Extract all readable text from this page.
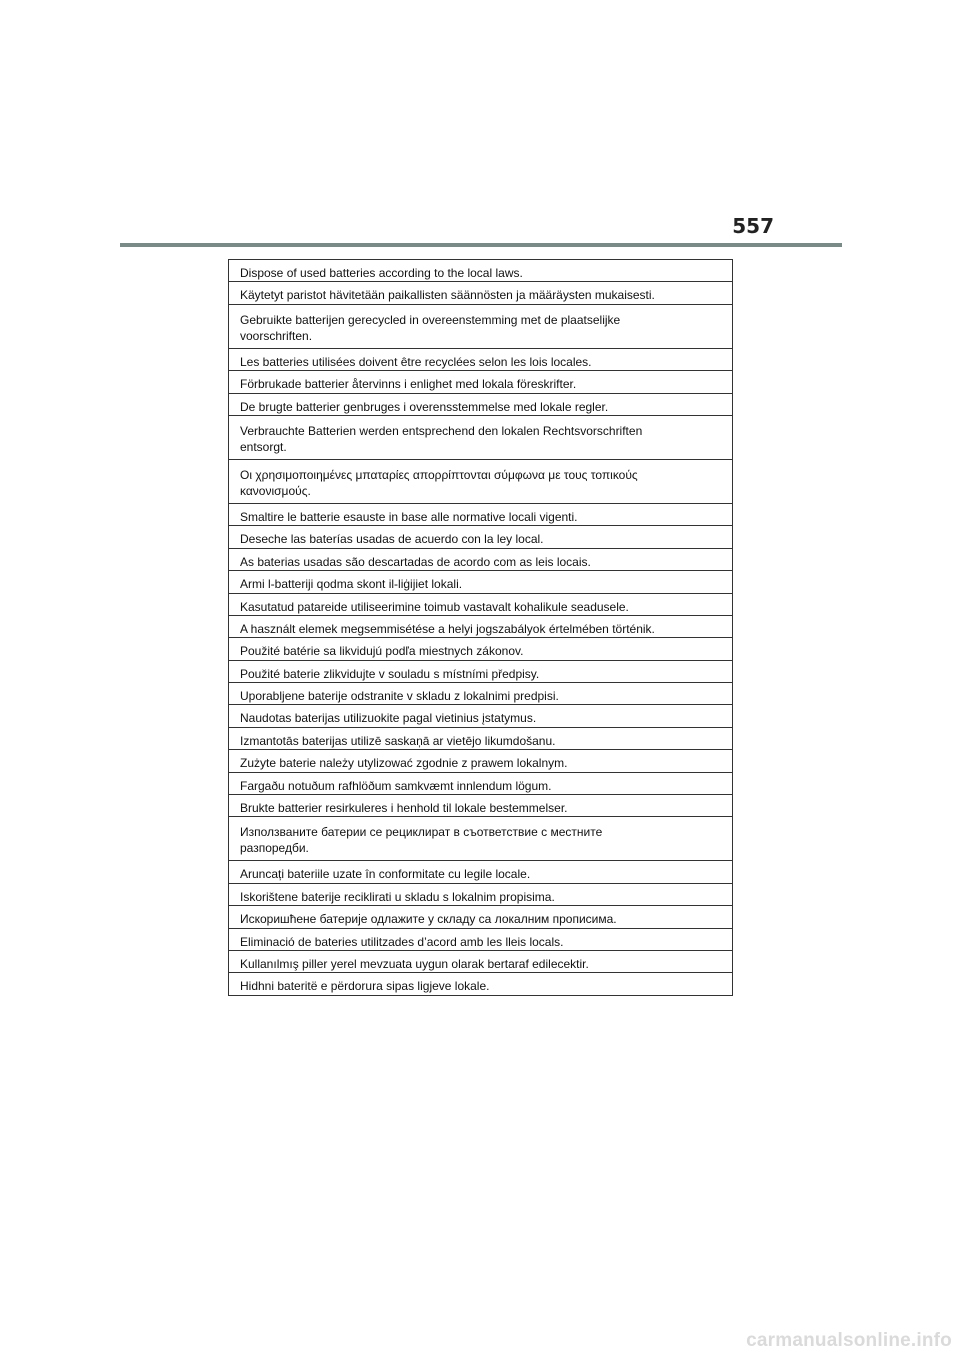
557
Dispose of used batteries according to the local laws.
Käytetyt paristot hävitetään paikallisten säännösten ja määräysten mukaisesti.
Gebruikte batterijen gerecycled in overeenstemming met de plaatselijke
voorschriften.
Les batteries utilisées doivent être recyclées selon les lois locales.
Förbrukade batterier återvinns i enlighet med lokala föreskrifter.
De brugte batterier genbruges i overensstemmelse med lokale regler.
Verbrauchte Batterien werden entsprechend den lokalen Rechtsvorschriften
entsorgt.
Οι χρησιμοποιημένες μπαταρίες απορρίπτονται σύμφωνα με τους τοπικούς
κανονισμούς.
Smaltire le batterie esauste in base alle normative locali vigenti.
Deseche las baterías usadas de acuerdo con la ley local.
As baterias usadas são descartadas de acordo com as leis locais.
Armi l-batteriji qodma skont il-liġijiet lokali.
Kasutatud patareide utiliseerimine toimub vastavalt kohalikule seadusele.
A használt elemek megsemmisétése a helyi jogszabályok értelmében történik.
Použité batérie sa likvidujú podľa miestnych zákonov.
Použité baterie zlikvidujte v souladu s místními předpisy.
Uporabljene baterije odstranite v skladu z lokalnimi predpisi.
Naudotas baterijas utilizuokite pagal vietinius įstatymus.
Izmantotās baterijas utilizē saskaņā ar vietējo likumdošanu.
Zużyte baterie należy utylizować zgodnie z prawem lokalnym.
Fargaðu notuðum rafhlöðum samkvæmt innlendum lögum.
Brukte batterier resirkuleres i henhold til lokale bestemmelser.
Използваните батерии се рециклират в съответствие с местните
разпоредби.
Aruncați bateriile uzate în conformitate cu legile locale.
Iskorištene baterije reciklirati u skladu s lokalnim propisima.
Искоришћене батерије одлажите у складу са локалним прописима.
Eliminació de bateries utilitzades d’acord amb les lleis locals.
Kullanılmış piller yerel mevzuata uygun olarak bertaraf edilecektir.
Hidhni bateritë e përdorura sipas ligjeve lokale.
carmanualsonline.info
